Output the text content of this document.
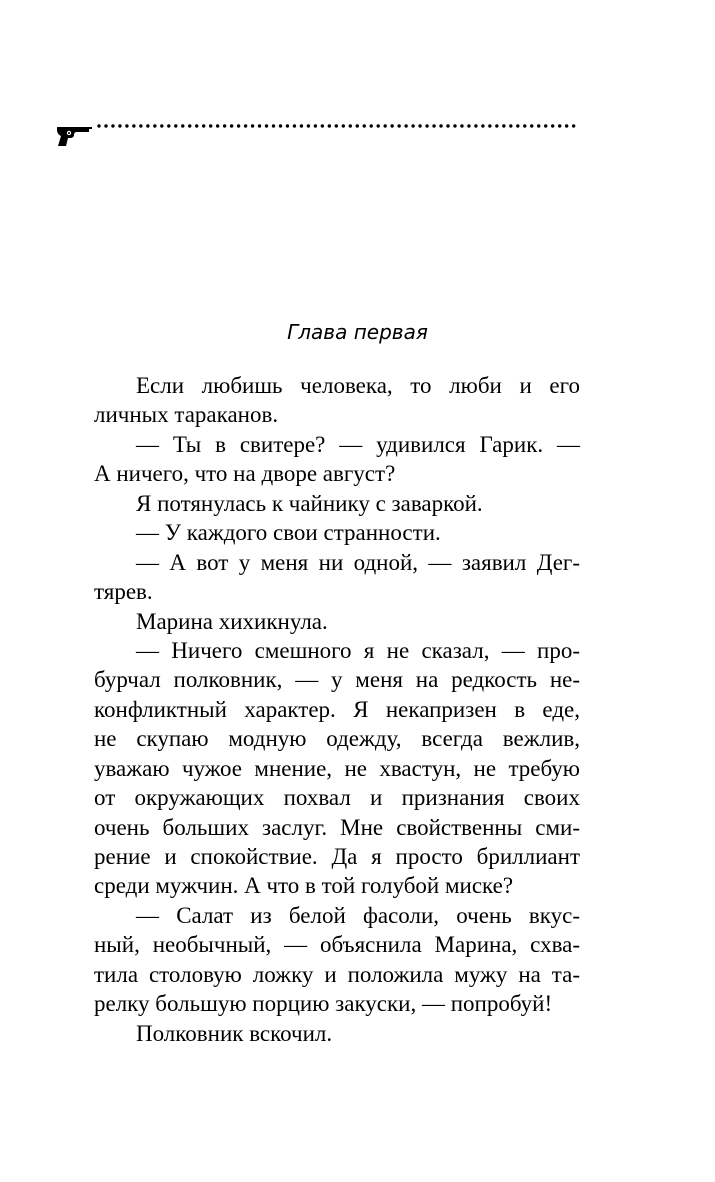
Глава первая
Если любишь человека, то люби и его
личных тараканов.
— Ты в свитере? — удивился Гарик. —
А ничего, что на дворе август?
Я потянулась к чайнику с заваркой.
— У каждого свои странности.
— А вот у меня ни одной, — заявил Дег-
тярев.
Марина хихикнула.
— Ничего смешного я не сказал, — про-
бурчал полковник, — у меня на редкость не-
конфликтный характер. Я некапризен в еде,
не скупаю модную одежду, всегда вежлив,
уважаю чужое мнение, не хвастун, не требую
от окружающих похвал и признания своих
очень больших заслуг. Мне свойственны сми-
рение и спокойствие. Да я просто бриллиант
среди мужчин. А что в той голубой миске?
— Салат из белой фасоли, очень вкус-
ный, необычный, — объяснила Марина, схва-
тила столовую ложку и положила мужу на та-
релку большую порцию закуски, — попробуй!
Полковник вскочил.
